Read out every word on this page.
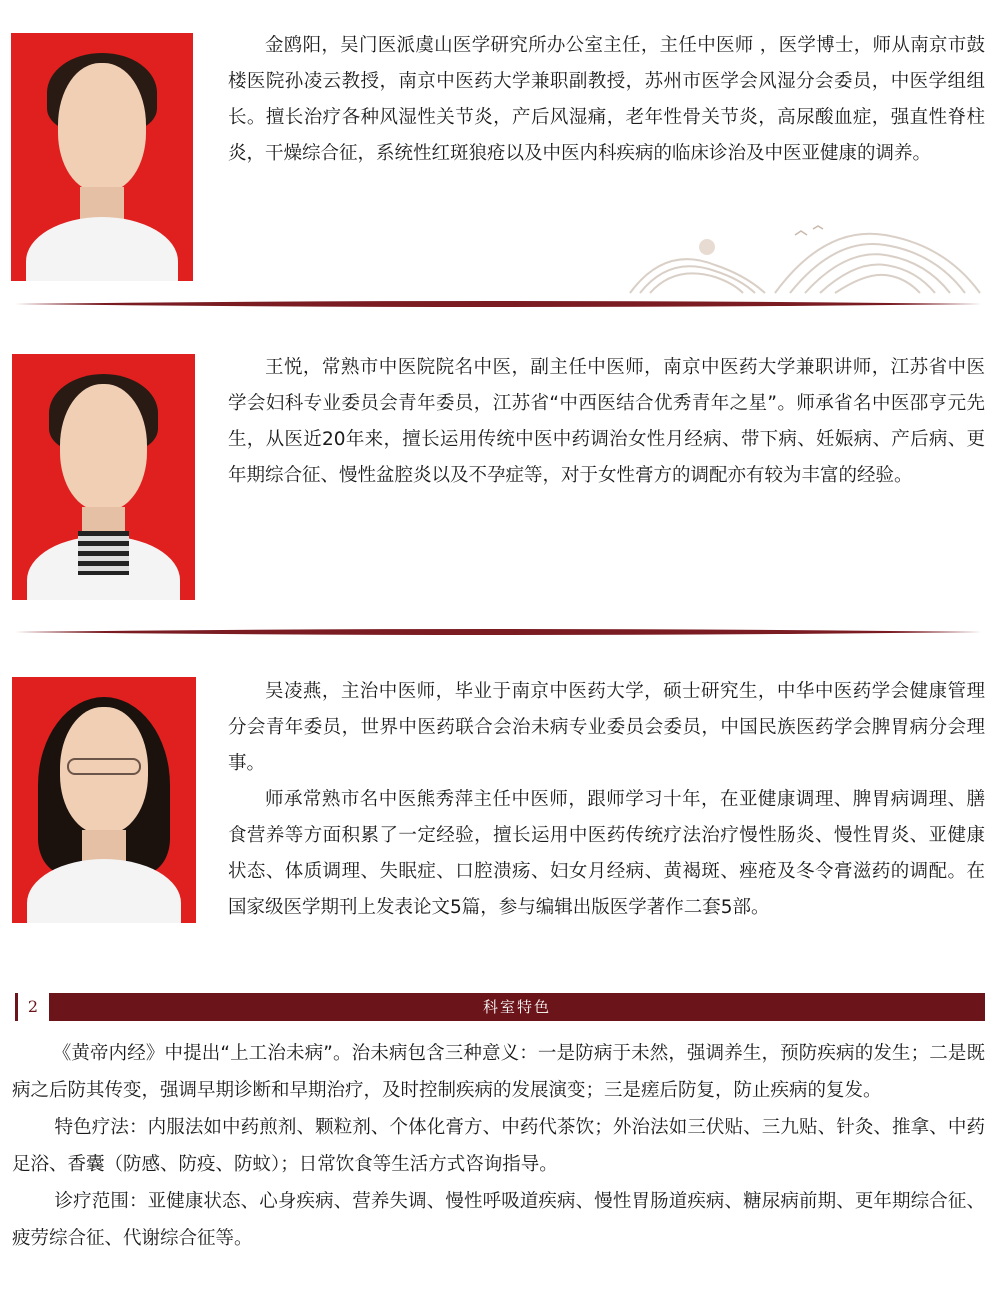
金鸥阳，吴门医派虞山医学研究所办公室主任，主任中医师 ，医学博士，师从南京市鼓楼医院孙凌云教授，南京中医药大学兼职副教授，苏州市医学会风湿分会委员，中医学组组长。擅长治疗各种风湿性关节炎，产后风湿痛，老年性骨关节炎，高尿酸血症，强直性脊柱炎，干燥综合征，系统性红斑狼疮以及中医内科疾病的临床诊治及中医亚健康的调养。

王悦，常熟市中医院院名中医，副主任中医师，南京中医药大学兼职讲师，江苏省中医学会妇科专业委员会青年委员，江苏省“中西医结合优秀青年之星”。师承省名中医邵亨元先生，从医近20年来，擅长运用传统中医中药调治女性月经病、带下病、妊娠病、产后病、更年期综合征、慢性盆腔炎以及不孕症等，对于女性膏方的调配亦有较为丰富的经验。

吴凌燕，主治中医师，毕业于南京中医药大学，硕士研究生，中华中医药学会健康管理分会青年委员，世界中医药联合会治未病专业委员会委员，中国民族医药学会脾胃病分会理事。

师承常熟市名中医熊秀萍主任中医师，跟师学习十年，在亚健康调理、脾胃病调理、膳食营养等方面积累了一定经验，擅长运用中医药传统疗法治疗慢性肠炎、慢性胃炎、亚健康状态、体质调理、失眠症、口腔溃疡、妇女月经病、黄褐斑、痤疮及冬令膏滋药的调配。在国家级医学期刊上发表论文5篇，参与编辑出版医学著作二套5部。

2	科室特色

《黄帝内经》中提出“上工治未病”。治未病包含三种意义：一是防病于未然，强调养生，预防疾病的发生；二是既病之后防其传变，强调早期诊断和早期治疗，及时控制疾病的发展演变；三是瘥后防复，防止疾病的复发。

特色疗法：内服法如中药煎剂、颗粒剂、个体化膏方、中药代茶饮；外治法如三伏贴、三九贴、针灸、推拿、中药足浴、香囊（防感、防疫、防蚊）；日常饮食等生活方式咨询指导。

诊疗范围：亚健康状态、心身疾病、营养失调、慢性呼吸道疾病、慢性胃肠道疾病、糖尿病前期、更年期综合征、疲劳综合征、代谢综合征等。
